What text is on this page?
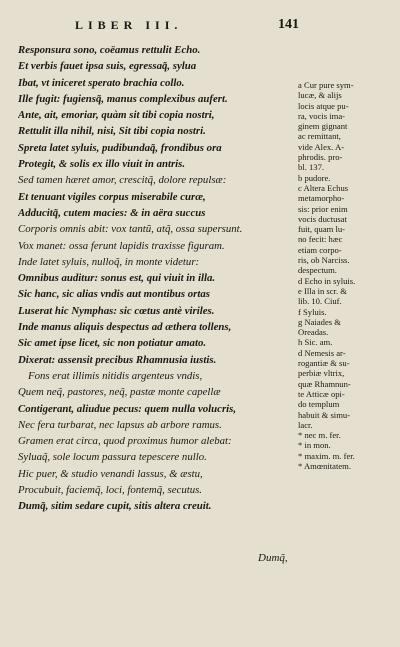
LIBER III.	141
Responsura sono, coëamus rettulit Echo.
Et verbis fauet ipsa suis, egressaq̃, sylua
Ibat, vt iniceret sperato brachia collo.
Ille fugit: fugiensq̃, manus complexibus aufert.
Ante, ait, emoriar, quàm sit tibi copia nostri,
Rettulit illa nihil, nisi, Sit tibi copia nostri.
Spreta latet syluis, pudibundaq̃, frondibus ora
Protegit, & solis ex illo viuit in antris.
Sed tamen hæret amor, crescitq̃, dolore repulsæ:
Et tenuant vigiles corpus miserabile curæ,
Adducitq̃, cutem macies: & in aëra succus
Corporis omnis abit: vox tantũ, atq̃, ossa supersunt.
Vox manet: ossa ferunt lapidis traxisse figuram.
Inde latet syluis, nulloq̃, in monte videtur:
Omnibus auditur: sonus est, qui viuit in illa.
Sic hanc, sic alias vndis aut montibus ortas
Luserat hic Nymphas: sic cœtus antè viriles.
Inde manus aliquis despectus ad æthera tollens,
Sic amet ipse licet, sic non potiatur amato.
Dixerat: assensit precibus Rhamnusia iustis.
Fons erat illimis nitidis argenteus vndis,
Quem neq̃, pastores, neq̃, pastæ monte capellæ
Contigerant, aliudue pecus: quem nulla volucris,
Nec fera turbarat, nec lapsus ab arbore ramus.
Gramen erat circa, quod proximus humor alebat:
Syluaq̃, sole locum passura tepescere nullo.
Hic puer, & studio venandi lassus, & æstu,
Procubuit, faciemq̃, loci, fontemq̃, secutus.
Dumq̃, sitim sedare cupit, sitis altera creuit.
Dumq̃,
a Cur pure sym-
lucæ, & alijs
locis atque pu-
ra, vocis ima-
ginem gignant
ac remittant,
vide Alex. A-
phrodis. pro-
bl. 137.
b pudore.
c Altera Echus
metamorpho-
sis: prior enim
vocis ductusat
fuit, quam lu-
no fecit: hæc
etiam corpo-
ris, ob Narciss.
despectum.
d Echo in syluis.
e Illa in scr. &
lib. 10. Ciuf.
f Syluis.
g Naiades &
Oreadas.
h Sic. am.
d Nemesis ar-
rogantiæ & su-
perbiæ vltrix,
quæ Rhamnun-
te Atticæ opi-
do templum
habuit & simu-
lacr.
* nec m. fer.
* in mon.
* maxim. m. fer.
* Amœnitatem.
